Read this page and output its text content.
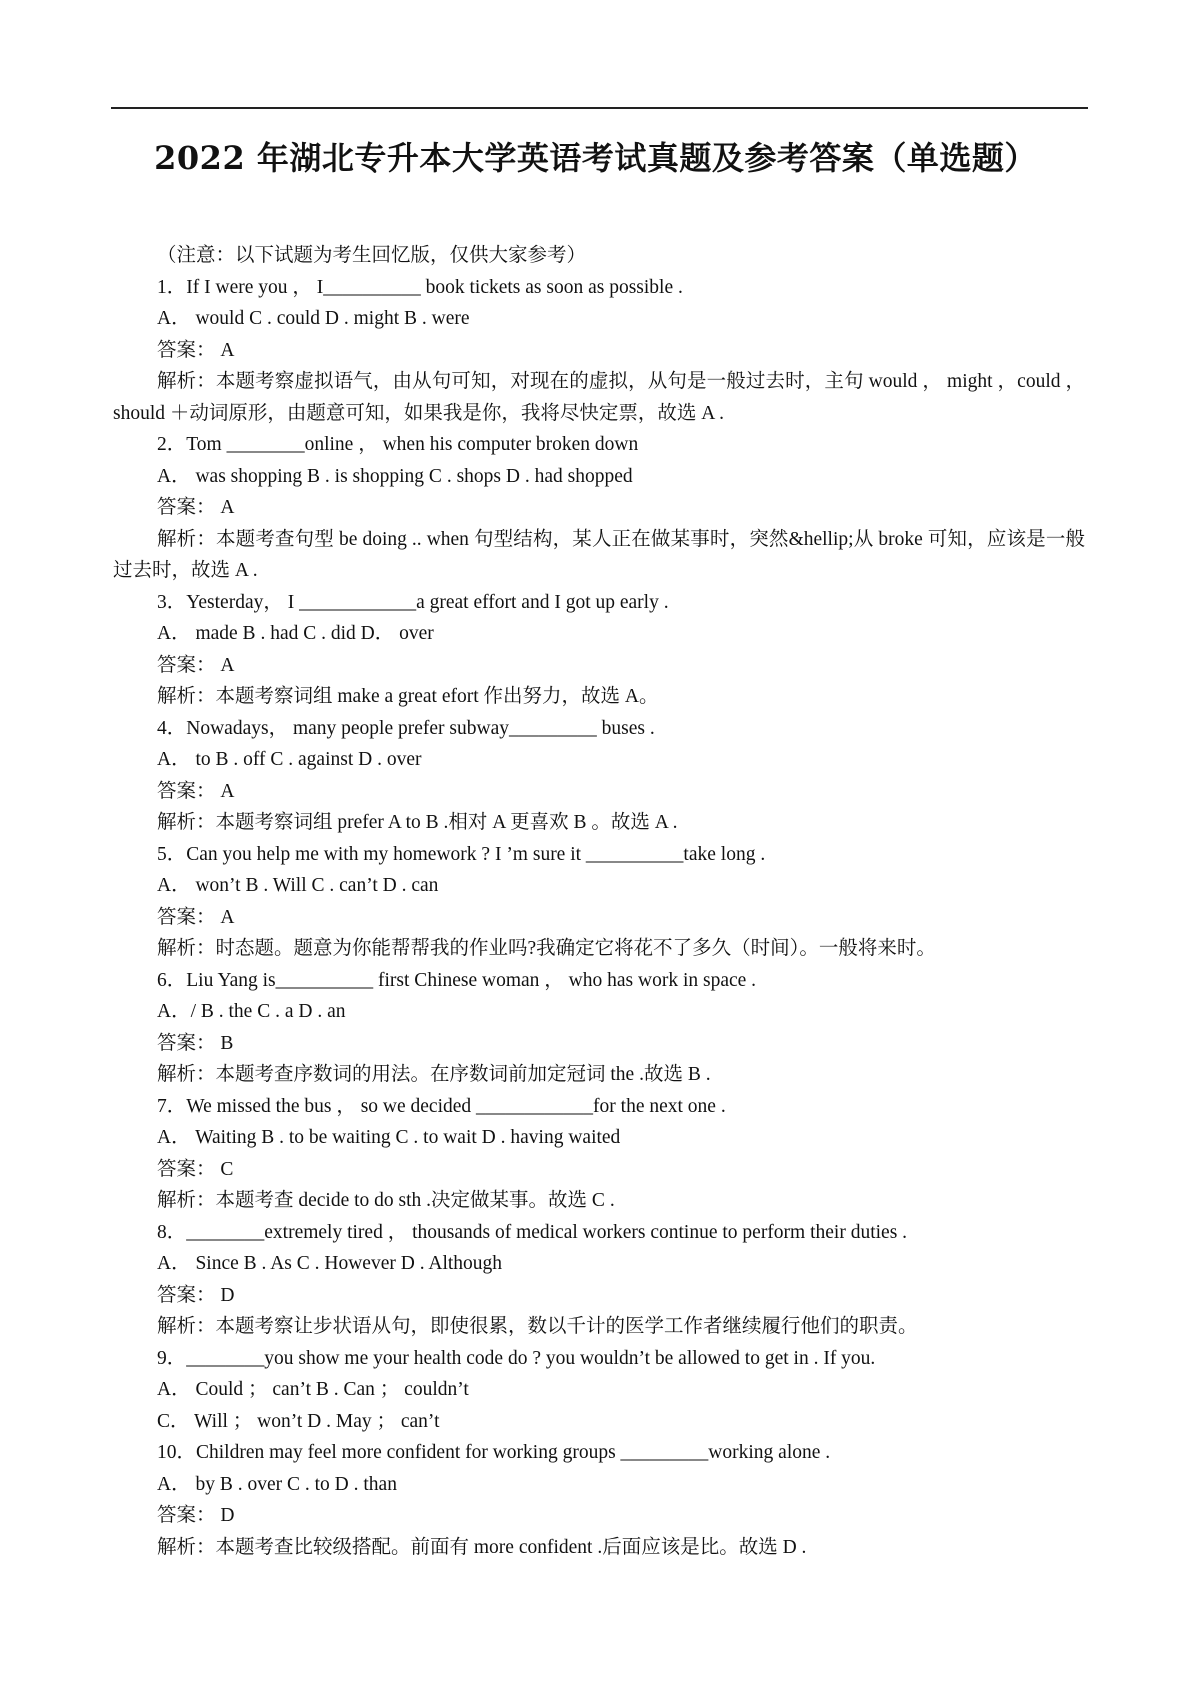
2022 年湖北专升本大学英语考试真题及参考答案（单选题）
（注意：以下试题为考生回忆版，仅供大家参考）
1．If I were you ， I__________ book tickets as soon as possible .
A． would C . could D . might B . were
答案： A
解析：本题考察虚拟语气，由从句可知，对现在的虚拟，从句是一般过去时，主句 would ， might ，could ， should ＋动词原形，由题意可知，如果我是你，我将尽快定票，故选 A .
2．Tom ________online ， when his computer broken down
A． was shopping B . is shopping C . shops D . had shopped
答案： A
解析：本题考查句型 be doing .. when 句型结构，某人正在做某事时，突然&hellip;从 broke 可知，应该是一般过去时，故选 A .
3．Yesterday， I ____________a great effort and I got up early .
A． made B . had C . did D． over
答案： A
解析：本题考察词组 make a great efort 作出努力，故选 A。
4．Nowadays， many people prefer subway_________ buses .
A． to B . off C . against D . over
答案： A
解析：本题考察词组 prefer A to B .相对 A 更喜欢 B 。故选 A .
5．Can you help me with my homework ? I ’m sure it __________take long .
A． won’t B . Will C . can’t D . can
答案： A
解析：时态题。题意为你能帮帮我的作业吗?我确定它将花不了多久（时间）。一般将来时。
6．Liu Yang is__________ first Chinese woman ， who has work in space .
A．/ B . the C . a D . an
答案： B
解析：本题考查序数词的用法。在序数词前加定冠词 the .故选 B .
7．We missed the bus ， so we decided ____________for the next one .
A． Waiting B . to be waiting C . to wait D . having waited
答案： C
解析：本题考查 decide to do sth .决定做某事。故选 C .
8．________extremely tired ， thousands of medical workers continue to perform their duties .
A． Since B . As C . However D . Although
答案： D
解析：本题考察让步状语从句，即使很累，数以千计的医学工作者继续履行他们的职责。
9．________you show me your health code do ? you wouldn’t be allowed to get in . If you.
A． Could ； can’t B . Can ； couldn’t
C． Will ； won’t D . May ； can’t
10．Children may feel more confident for working groups _________working alone .
A． by B . over C . to D . than
答案： D
解析：本题考查比较级搭配。前面有 more confident .后面应该是比。故选 D .
